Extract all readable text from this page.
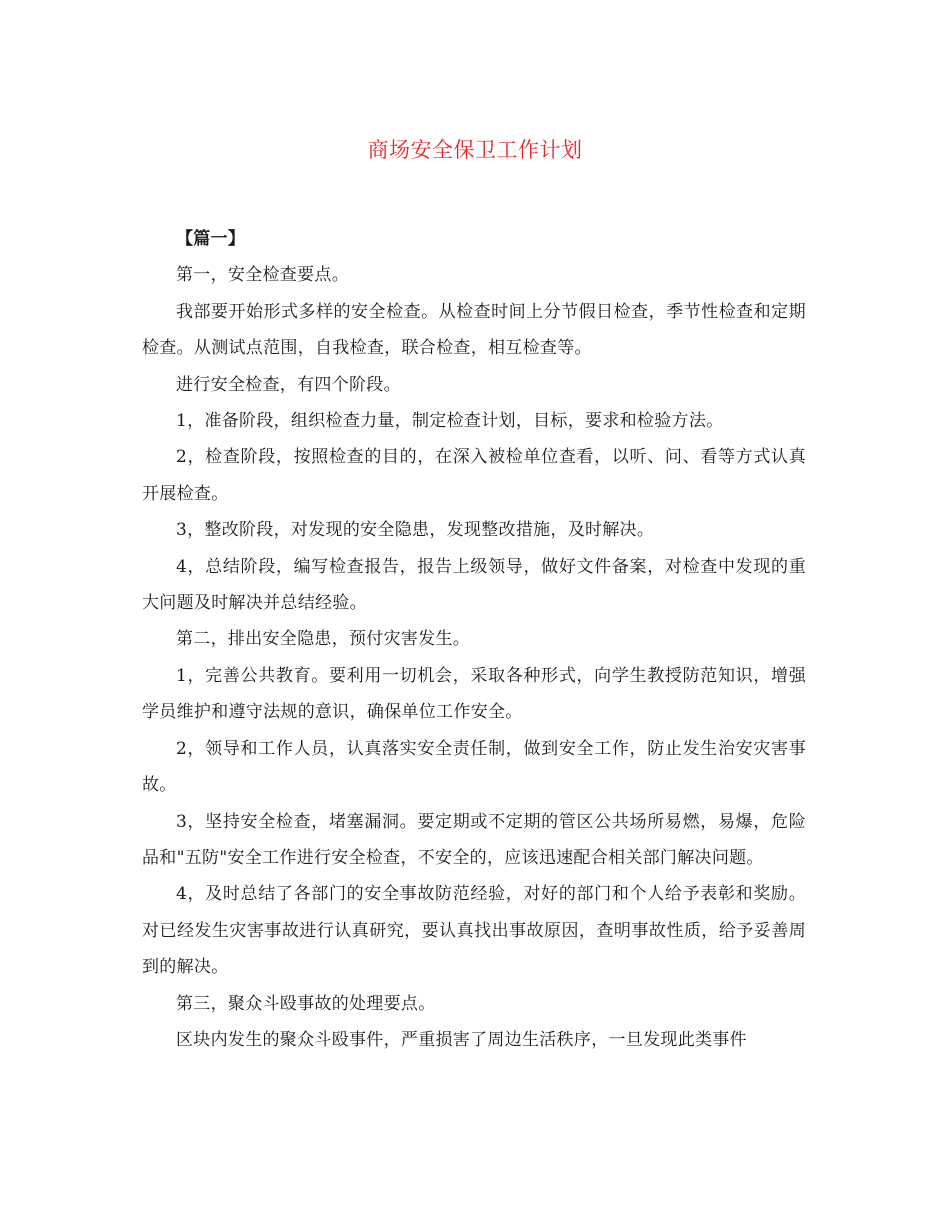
商场安全保卫工作计划

【篇一】

第一，安全检查要点。

我部要开始形式多样的安全检查。从检查时间上分节假日检查，季节性检查和定期检查。从测试点范围，自我检查，联合检查，相互检查等。

进行安全检查，有四个阶段。

1，准备阶段，组织检查力量，制定检查计划，目标，要求和检验方法。

2，检查阶段，按照检查的目的，在深入被检单位查看，以听、问、看等方式认真开展检查。

3，整改阶段，对发现的安全隐患，发现整改措施，及时解决。

4，总结阶段，编写检查报告，报告上级领导，做好文件备案，对检查中发现的重大问题及时解决并总结经验。

第二，排出安全隐患，预付灾害发生。

1，完善公共教育。要利用一切机会，采取各种形式，向学生教授防范知识，增强学员维护和遵守法规的意识，确保单位工作安全。

2，领导和工作人员，认真落实安全责任制，做到安全工作，防止发生治安灾害事故。

3，坚持安全检查，堵塞漏洞。要定期或不定期的管区公共场所易燃，易爆，危险品和"五防"安全工作进行安全检查，不安全的，应该迅速配合相关部门解决问题。

4，及时总结了各部门的安全事故防范经验，对好的部门和个人给予表彰和奖励。对已经发生灾害事故进行认真研究，要认真找出事故原因，查明事故性质，给予妥善周到的解决。

第三，聚众斗殴事故的处理要点。

区块内发生的聚众斗殴事件，严重损害了周边生活秩序，一旦发现此类事件
